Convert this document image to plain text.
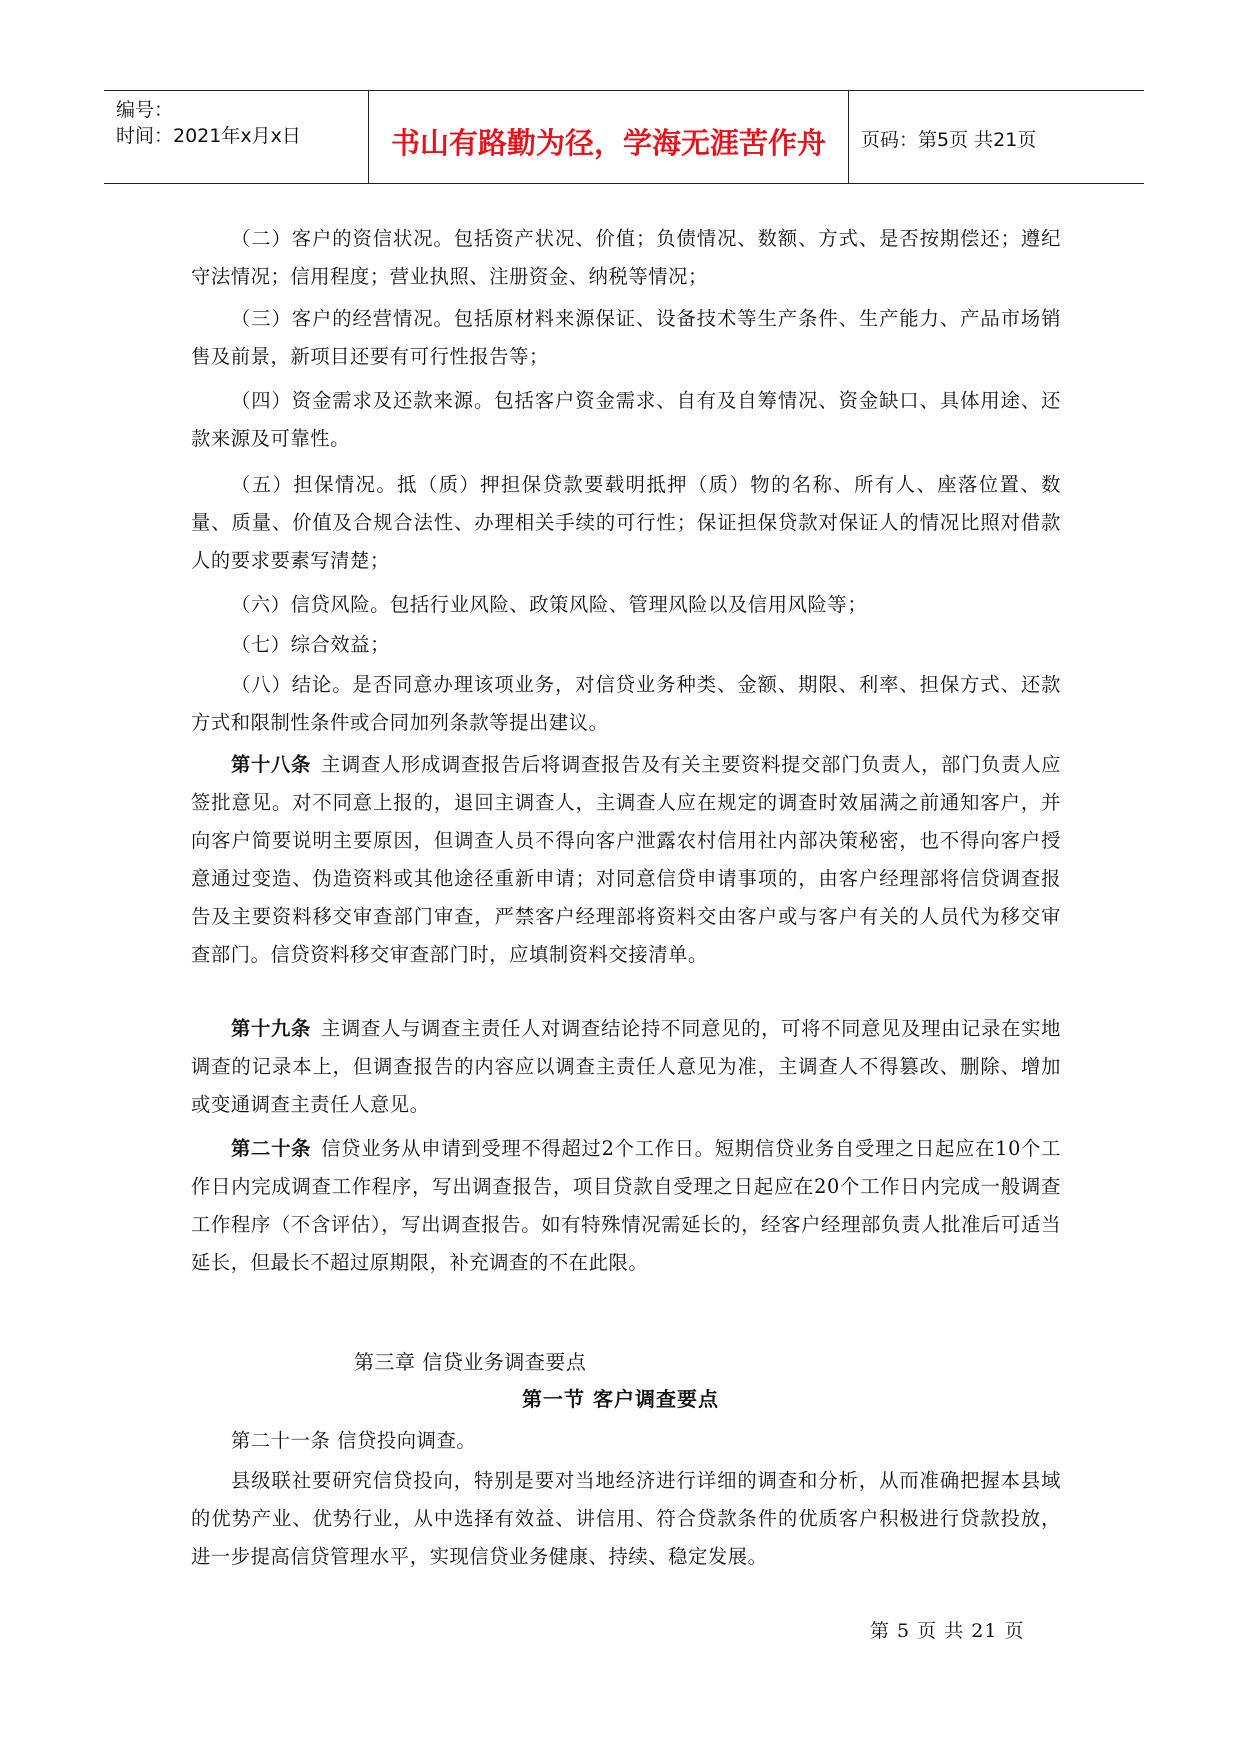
编号：
时间：2021年x月x日	书山有路勤为径，学海无涯苦作舟	页码：第5页 共21页

（二）客户的资信状况。包括资产状况、价值；负债情况、数额、方式、是否按期偿还；遵纪守法情况；信用程度；营业执照、注册资金、纳税等情况；

（三）客户的经营情况。包括原材料来源保证、设备技术等生产条件、生产能力、产品市场销售及前景，新项目还要有可行性报告等；

（四）资金需求及还款来源。包括客户资金需求、自有及自筹情况、资金缺口、具体用途、还款来源及可靠性。

（五）担保情况。抵（质）押担保贷款要载明抵押（质）物的名称、所有人、座落位置、数量、质量、价值及合规合法性、办理相关手续的可行性；保证担保贷款对保证人的情况比照对借款人的要求要素写清楚；

（六）信贷风险。包括行业风险、政策风险、管理风险以及信用风险等；

（七）综合效益；

（八）结论。是否同意办理该项业务，对信贷业务种类、金额、期限、利率、担保方式、还款方式和限制性条件或合同加列条款等提出建议。

第十八条 主调查人形成调查报告后将调查报告及有关主要资料提交部门负责人，部门负责人应签批意见。对不同意上报的，退回主调查人，主调查人应在规定的调查时效届满之前通知客户，并向客户简要说明主要原因，但调查人员不得向客户泄露农村信用社内部决策秘密，也不得向客户授意通过变造、伪造资料或其他途径重新申请；对同意信贷申请事项的，由客户经理部将信贷调查报告及主要资料移交审查部门审查，严禁客户经理部将资料交由客户或与客户有关的人员代为移交审查部门。信贷资料移交审查部门时，应填制资料交接清单。

第十九条 主调查人与调查主责任人对调查结论持不同意见的，可将不同意见及理由记录在实地调查的记录本上，但调查报告的内容应以调查主责任人意见为准，主调查人不得篡改、删除、增加或变通调查主责任人意见。

第二十条 信贷业务从申请到受理不得超过2个工作日。短期信贷业务自受理之日起应在10个工作日内完成调查工作程序，写出调查报告，项目贷款自受理之日起应在20个工作日内完成一般调查工作程序（不含评估），写出调查报告。如有特殊情况需延长的，经客户经理部负责人批准后可适当延长，但最长不超过原期限，补充调查的不在此限。

第三章 信贷业务调查要点
第一节 客户调查要点

第二十一条 信贷投向调查。

县级联社要研究信贷投向，特别是要对当地经济进行详细的调查和分析，从而准确把握本县域的优势产业、优势行业，从中选择有效益、讲信用、符合贷款条件的优质客户积极进行贷款投放，进一步提高信贷管理水平，实现信贷业务健康、持续、稳定发展。

第 5 页 共 21 页
